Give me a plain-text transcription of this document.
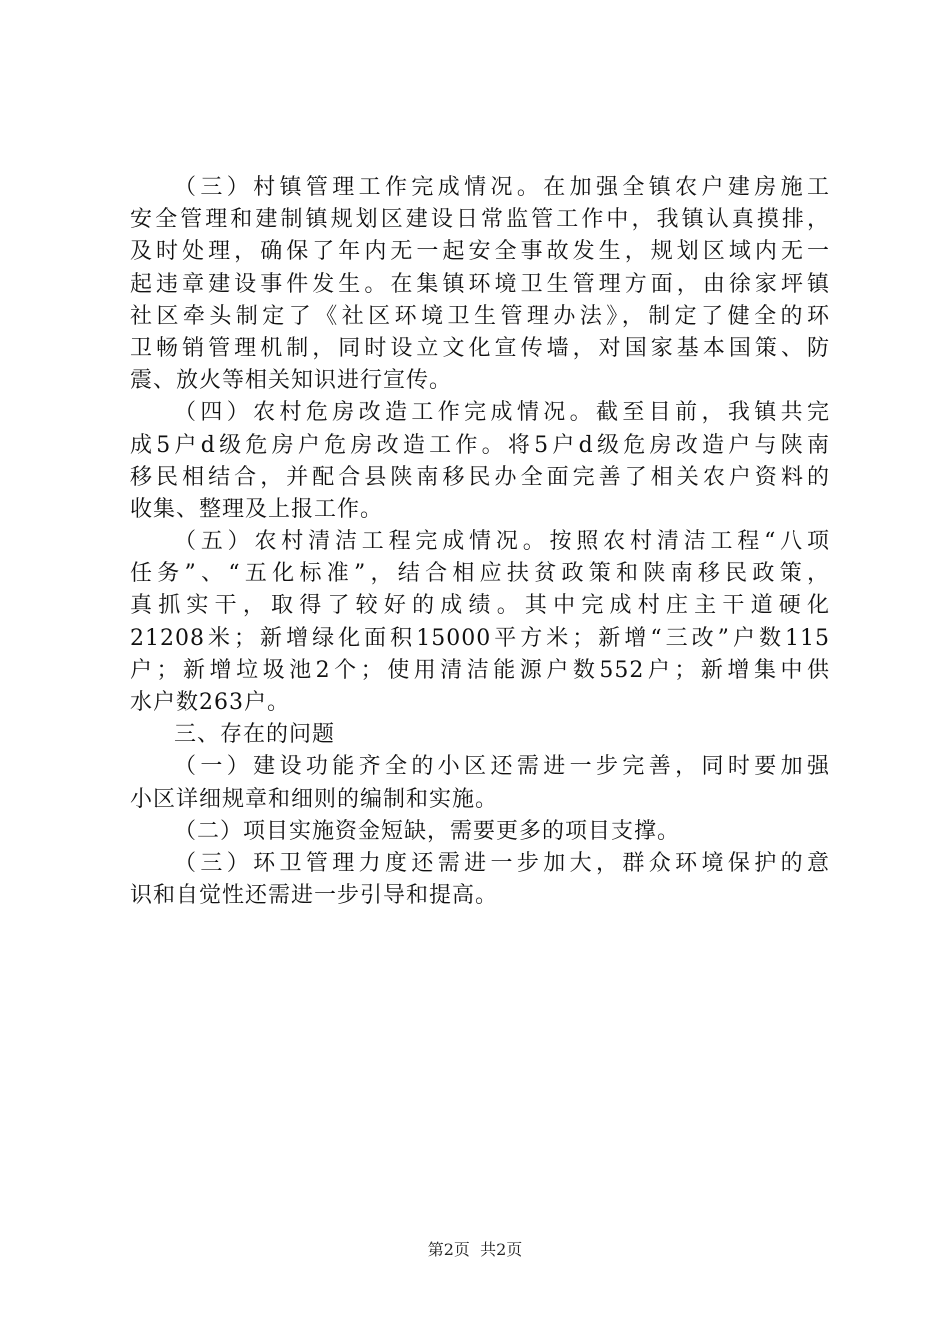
（三）村镇管理工作完成情况。在加强全镇农户建房施工
安全管理和建制镇规划区建设日常监管工作中，我镇认真摸排，
及时处理，确保了年内无一起安全事故发生，规划区域内无一
起违章建设事件发生。在集镇环境卫生管理方面，由徐家坪镇
社区牵头制定了《社区环境卫生管理办法》，制定了健全的环
卫畅销管理机制，同时设立文化宣传墙，对国家基本国策、防
震、放火等相关知识进行宣传。
（四）农村危房改造工作完成情况。截至目前，我镇共完
成5户d级危房户危房改造工作。将5户d级危房改造户与陕南
移民相结合，并配合县陕南移民办全面完善了相关农户资料的
收集、整理及上报工作。
（五）农村清洁工程完成情况。按照农村清洁工程“八项
任务”、“五化标准”，结合相应扶贫政策和陕南移民政策，
真抓实干，取得了较好的成绩。其中完成村庄主干道硬化
21208米；新增绿化面积15000平方米；新增“三改”户数115
户；新增垃圾池2个；使用清洁能源户数552户；新增集中供
水户数263户。
三、存在的问题
（一）建设功能齐全的小区还需进一步完善，同时要加强
小区详细规章和细则的编制和实施。
（二）项目实施资金短缺，需要更多的项目支撑。
（三）环卫管理力度还需进一步加大，群众环境保护的意
识和自觉性还需进一步引导和提高。
第2页  共2页
